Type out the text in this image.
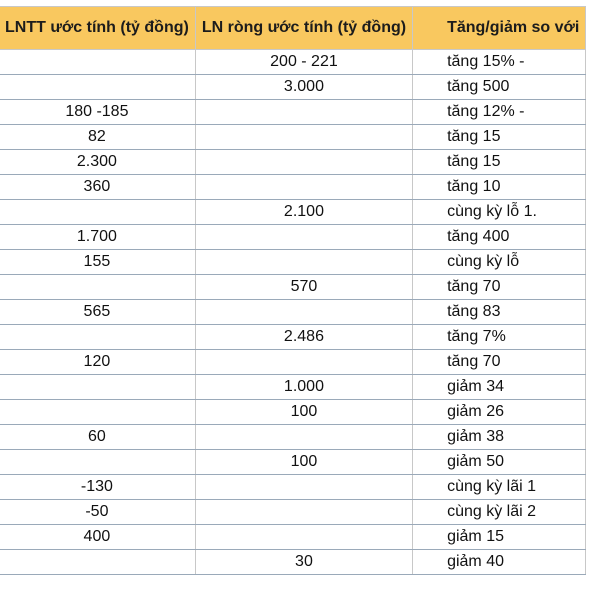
	LNTT ước tính (tỷ đồng)	LN ròng ước tính (tỷ đồng)	Tăng/giảm so với
		200 - 221	tăng 15% -
		3.000	tăng 500
	180 -185		tăng 12% -
	82		tăng 15
	2.300		tăng 15
	360		tăng 10
		2.100	cùng kỳ lỗ 1.
	1.700		tăng 400
	155		cùng kỳ lỗ
		570	tăng 70
	565		tăng 83
		2.486	tăng 7%
	120		tăng 70
		1.000	giảm 34
		100	giảm 26
	60		giảm 38
		100	giảm 50
	-130		cùng kỳ lãi 1
	-50		cùng kỳ lãi 2
	400		giảm 15
		30	giảm 40
